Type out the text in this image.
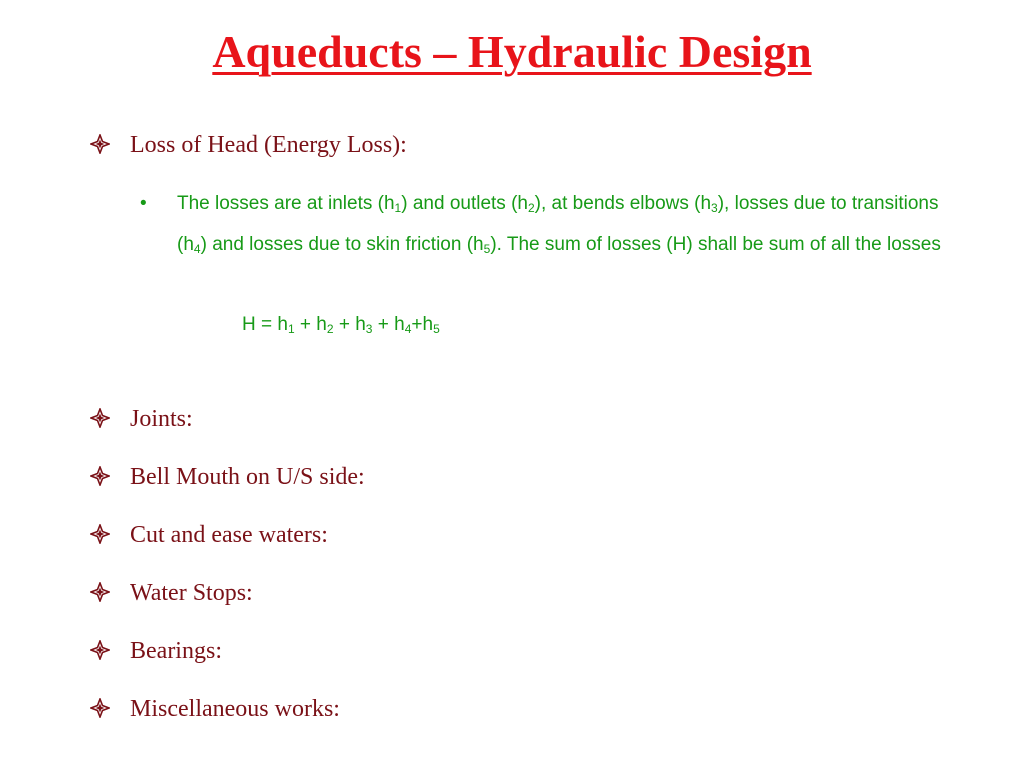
Aqueducts – Hydraulic Design
Loss of Head (Energy Loss):
•	The losses are at inlets $(h_1)$ and outlets $(h_2)$, at bends elbows $(h_3)$, losses due to transitions $(h_4)$ and losses due to skin friction $(h_5)$. The sum of losses (H) shall be sum of all the losses
$H = h_1 + h_2 + h_3 + h_4+h_5$
Joints:
Bell Mouth on U/S side:
Cut and ease waters:
Water Stops:
Bearings:
Miscellaneous works:
